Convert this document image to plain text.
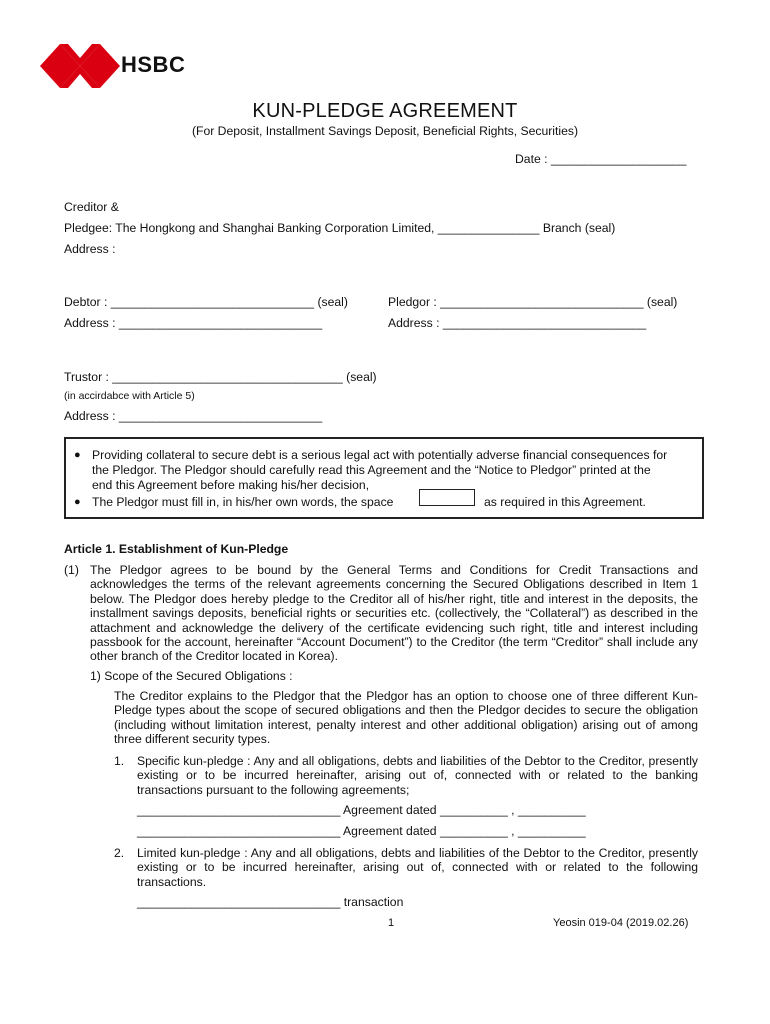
HSBC
KUN-PLEDGE AGREEMENT
(For Deposit, Installment Savings Deposit, Beneficial Rights, Securities)
Date : ____________________
Creditor &
Pledgee: The Hongkong and Shanghai Banking Corporation Limited, _______________ Branch (seal)
Address :
Debtor : ______________________________ (seal)
Address : ______________________________
Pledgor : ______________________________ (seal)
Address : ______________________________
Trustor : __________________________________ (seal)
(in accirdabce with Article 5)
Address : ______________________________
● Providing collateral to secure debt is a serious legal act with potentially adverse financial consequences for
the Pledgor. The Pledgor should carefully read this Agreement and the “Notice to Pledgor” printed at the
end this Agreement before making his/her decision,
● The Pledgor must fill in, in his/her own words, the space	as required in this Agreement.
Article 1. Establishment of Kun-Pledge
(1) The Pledgor agrees to be bound by the General Terms and Conditions for Credit Transactions and acknowledges the terms of the relevant agreements concerning the Secured Obligations described in Item 1 below. The Pledgor does hereby pledge to the Creditor all of his/her right, title and interest in the deposits, the installment savings deposits, beneficial rights or securities etc. (collectively, the “Collateral”) as described in the attachment and acknowledge the delivery of the certificate evidencing such right, title and interest including passbook for the account, hereinafter “Account Document”) to the Creditor (the term “Creditor” shall include any other branch of the Creditor located in Korea).
1) Scope of the Secured Obligations :
The Creditor explains to the Pledgor that the Pledgor has an option to choose one of three different Kun-Pledge types about the scope of secured obligations and then the Pledgor decides to secure the obligation (including without limitation interest, penalty interest and other additional obligation) arising out of among three different security types.
1. Specific kun-pledge : Any and all obligations, debts and liabilities of the Debtor to the Creditor, presently existing or to be incurred hereinafter, arising out of, connected with or related to the banking transactions pursuant to the following agreements;
______________________________ Agreement dated __________ , __________
______________________________ Agreement dated __________ , __________
2. Limited kun-pledge : Any and all obligations, debts and liabilities of the Debtor to the Creditor, presently existing or to be incurred hereinafter, arising out of, connected with or related to the following transactions.
______________________________ transaction
1	Yeosin 019-04 (2019.02.26)
